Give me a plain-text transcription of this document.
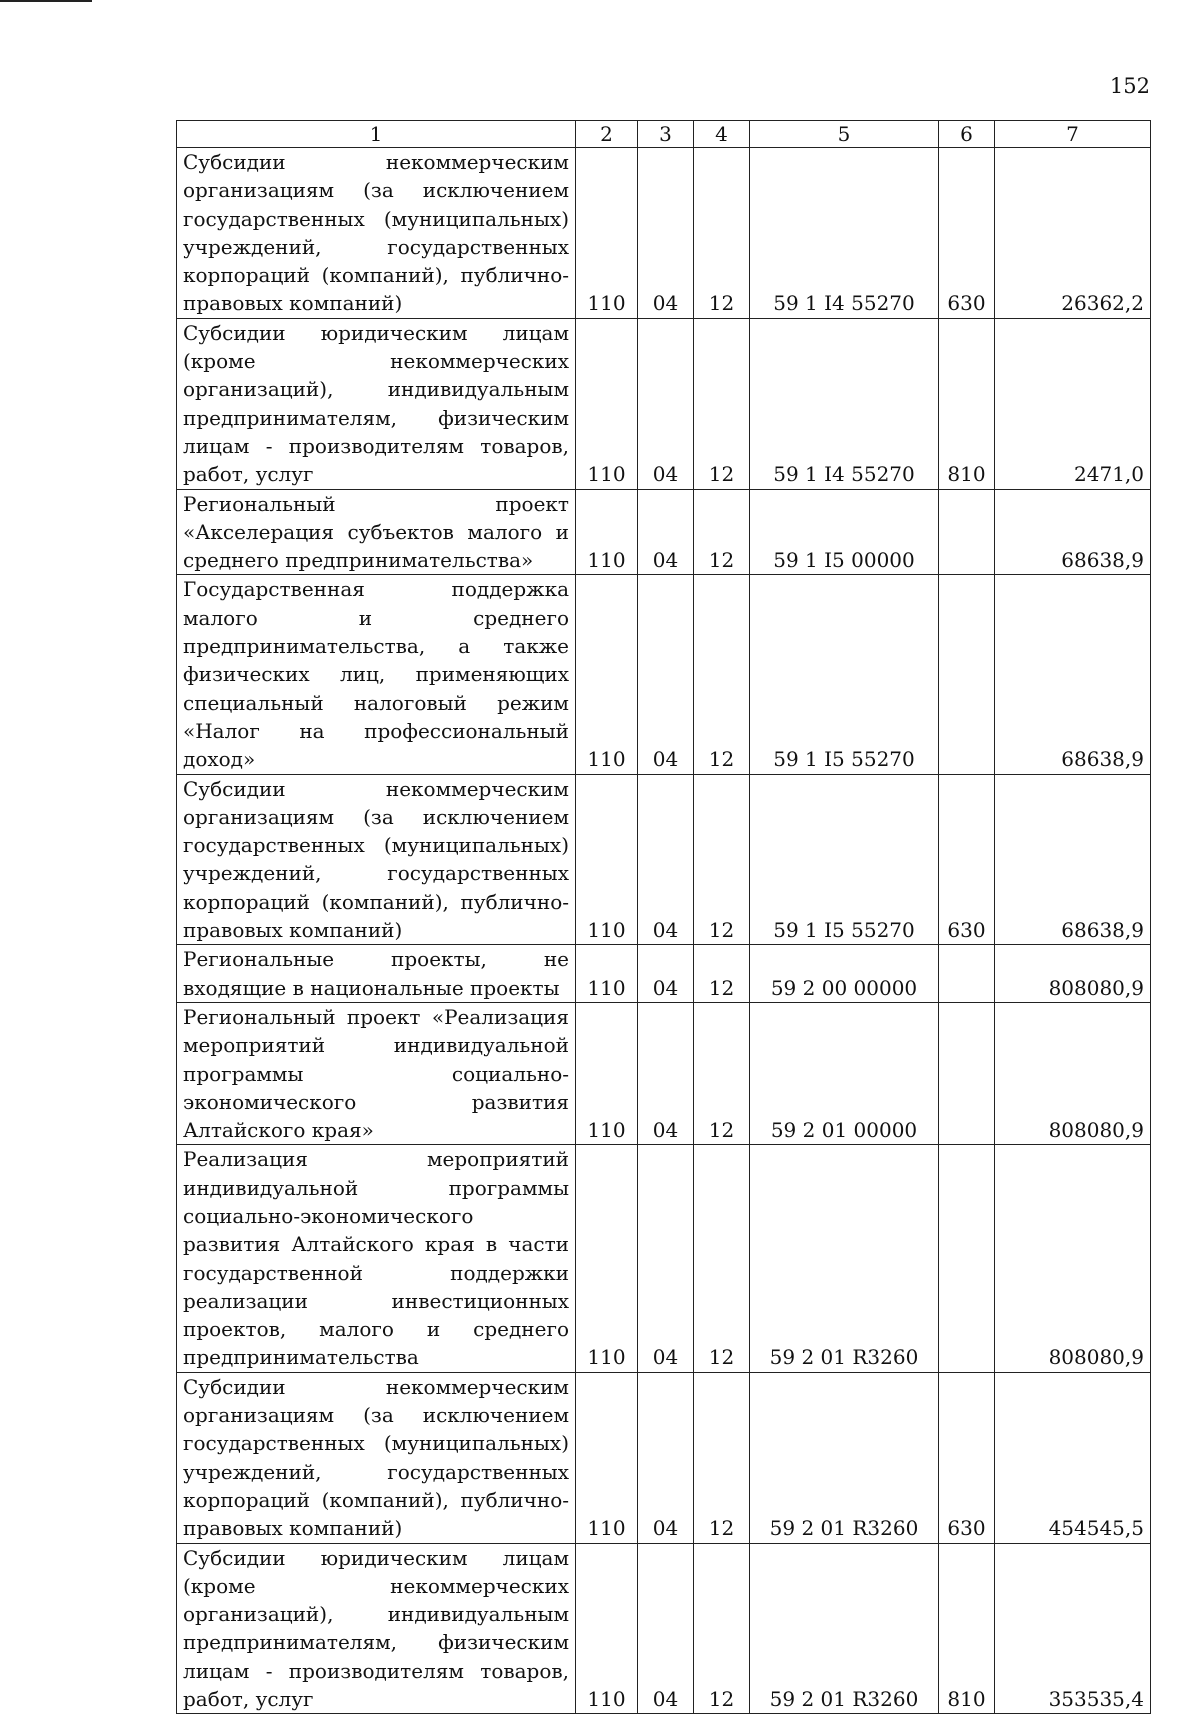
152
1	2	3	4	5	6	7
Субсидии некоммерческим организациям (за исключением государственных (муниципальных) учреждений, государственных корпораций (компаний), публично-правовых компаний)	110	04	12	59 1 I4 55270	630	26362,2
Субсидии юридическим лицам (кроме некоммерческих организаций), индивидуальным предпринимателям, физическим лицам - производителям товаров, работ, услуг	110	04	12	59 1 I4 55270	810	2471,0
Региональный проект «Акселерация субъектов малого и среднего предпринимательства»	110	04	12	59 1 I5 00000		68638,9
Государственная поддержка малого и среднего предпринимательства, а также физических лиц, применяющих специальный налоговый режим «Налог на профессиональный доход»	110	04	12	59 1 I5 55270		68638,9
Субсидии некоммерческим организациям (за исключением государственных (муниципальных) учреждений, государственных корпораций (компаний), публично-правовых компаний)	110	04	12	59 1 I5 55270	630	68638,9
Региональные проекты, не входящие в национальные проекты	110	04	12	59 2 00 00000		808080,9
Региональный проект «Реализация мероприятий индивидуальной программы социально-экономического развития Алтайского края»	110	04	12	59 2 01 00000		808080,9
Реализация мероприятий индивидуальной программы социально-экономического развития Алтайского края в части государственной поддержки реализации инвестиционных проектов, малого и среднего предпринимательства	110	04	12	59 2 01 R3260		808080,9
Субсидии некоммерческим организациям (за исключением государственных (муниципальных) учреждений, государственных корпораций (компаний), публично-правовых компаний)	110	04	12	59 2 01 R3260	630	454545,5
Субсидии юридическим лицам (кроме некоммерческих организаций), индивидуальным предпринимателям, физическим лицам - производителям товаров, работ, услуг	110	04	12	59 2 01 R3260	810	353535,4
